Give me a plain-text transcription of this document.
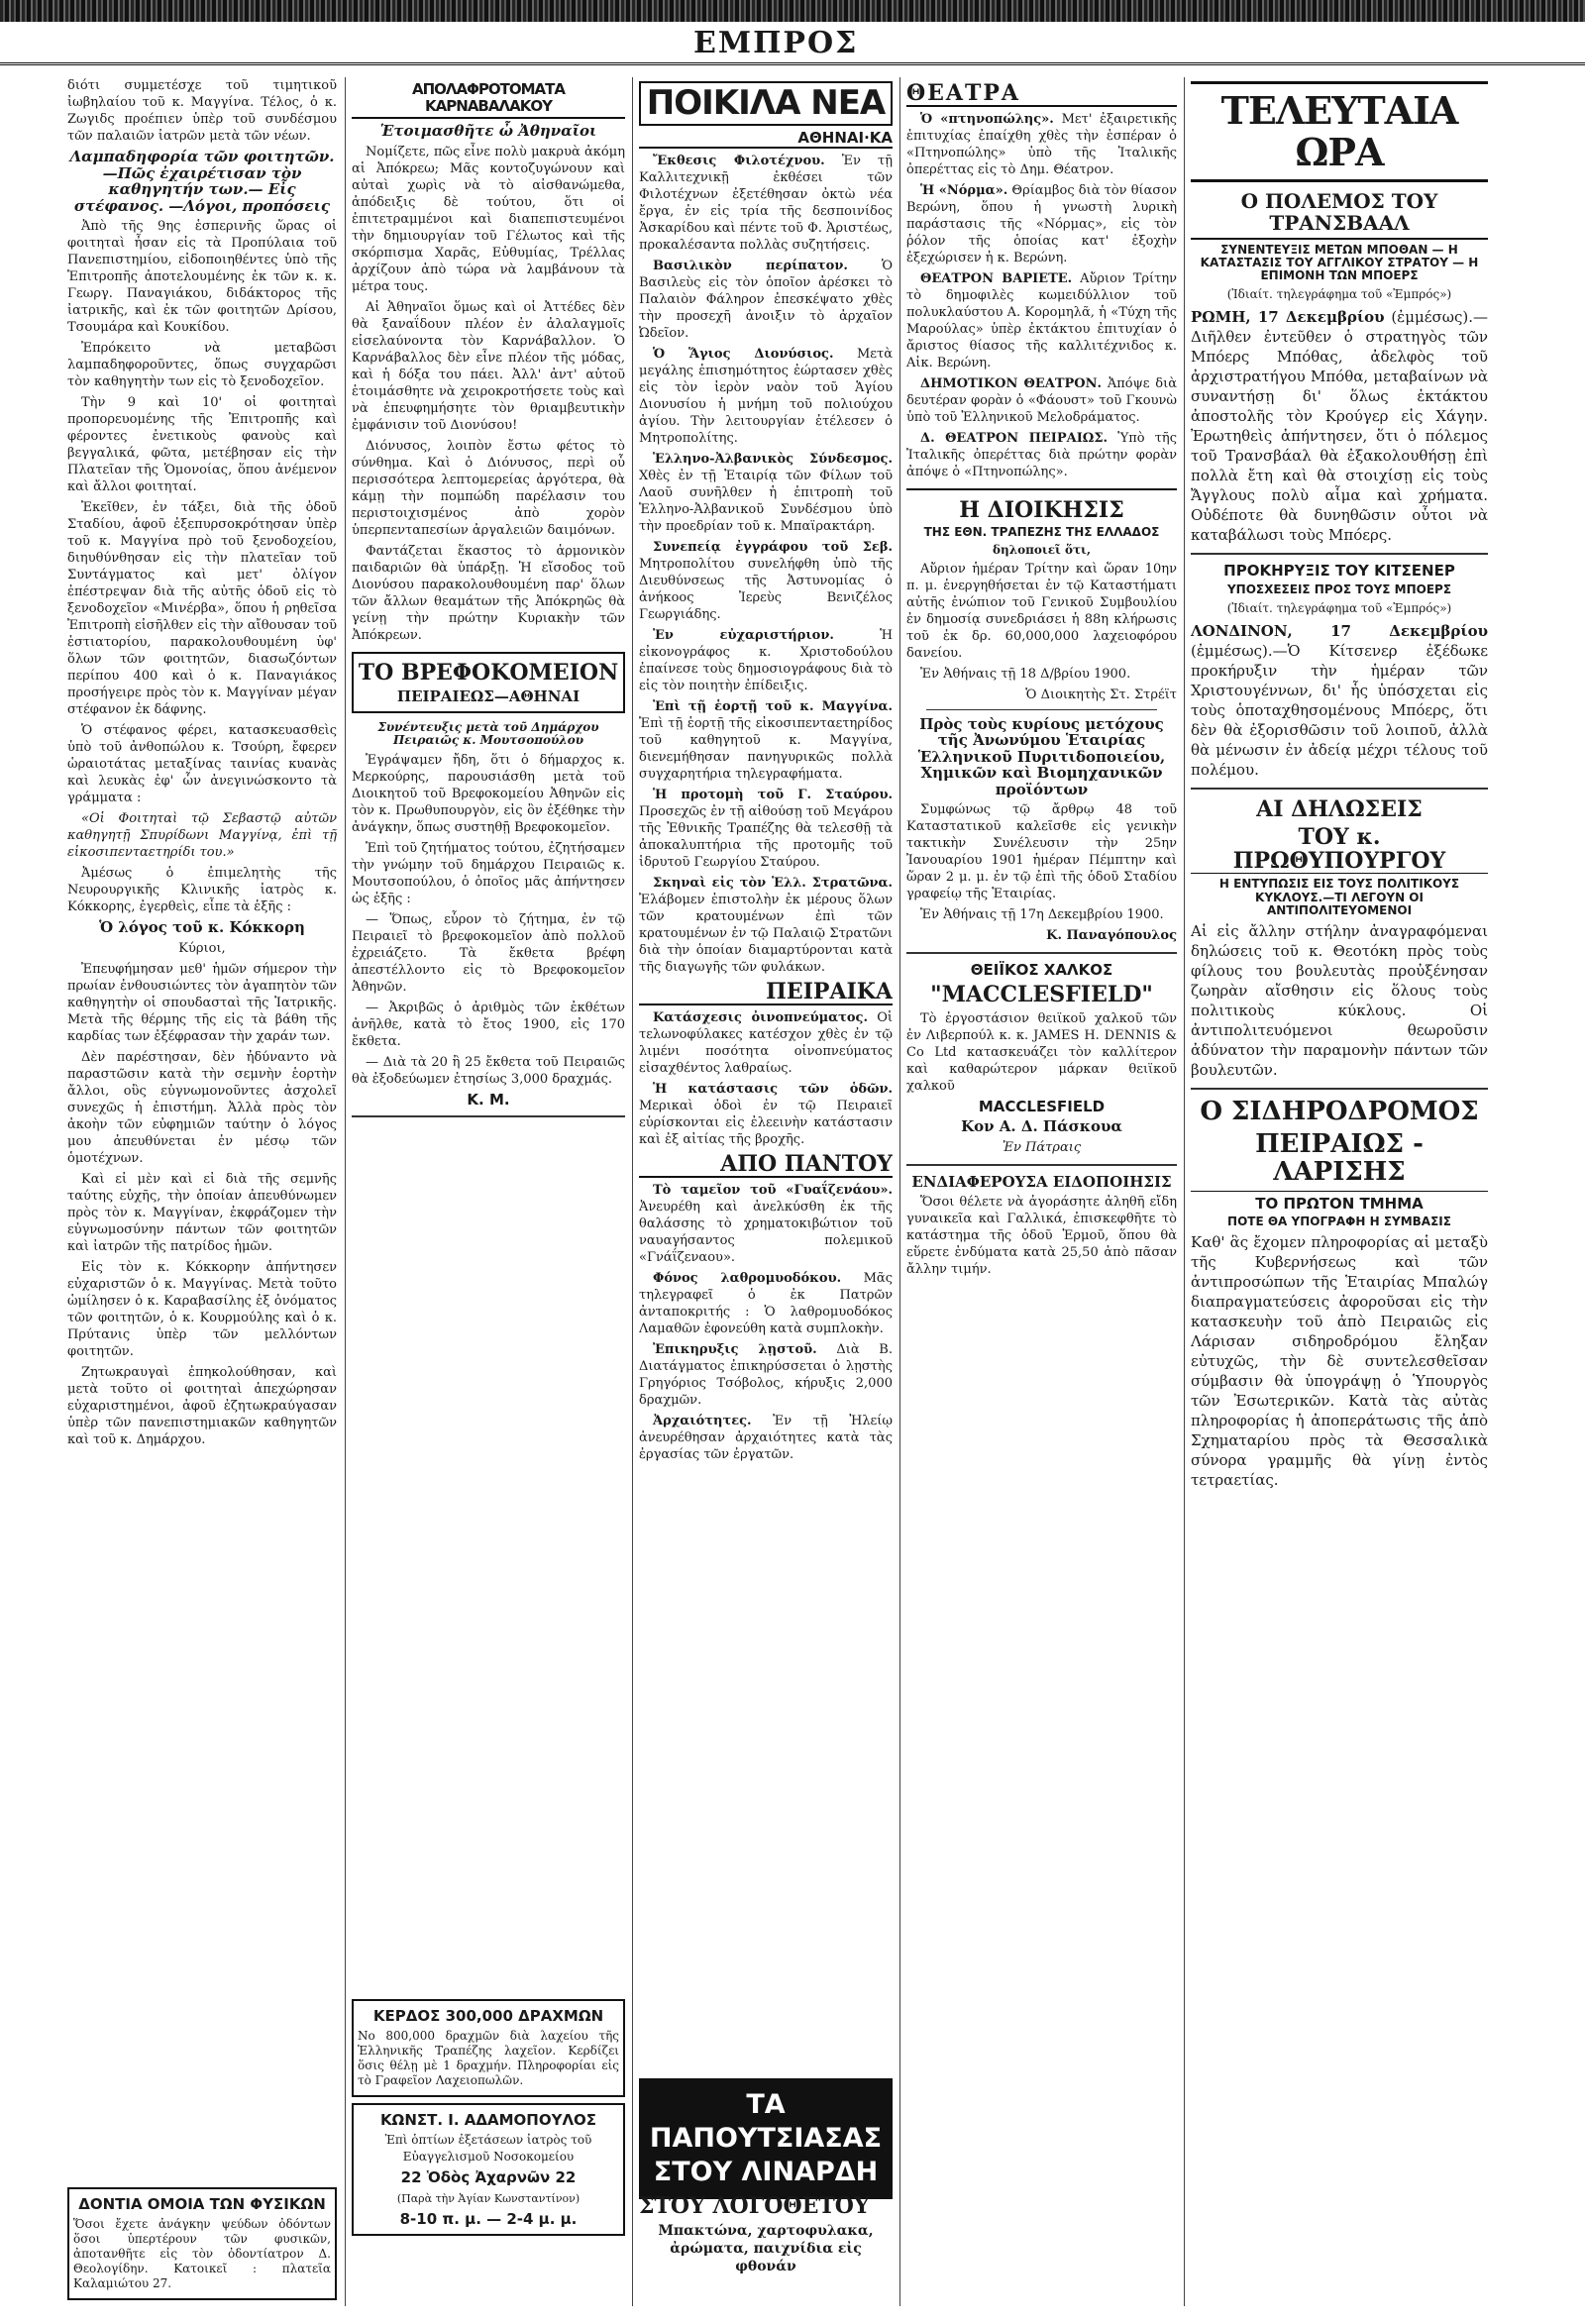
ΕΜΠΡΟΣ

διότι συμμετέσχε τοῦ τιμητικοῦ ἰωβηλαίου τοῦ κ. Μαγγίνα. Τέλος, ὁ κ. Ζωγιδς προέπιεν ὑπὲρ τοῦ συνδέσμου τῶν παλαιῶν ἰατρῶν μετὰ τῶν νέων.

Λαμπαδηφορία τῶν φοιτητῶν. —Πῶς ἐχαιρέτισαν τὸν καθηγητήν των.— Εἶς στέφανος. —Λόγοι, προπόσεις

Ἀπὸ τῆς 9ης ἑσπερινῆς ὥρας οἱ φοιτηταὶ ἦσαν εἰς τὰ Προπύλαια τοῦ Πανεπιστημίου, εἰδοποιηθέντες ὑπὸ τῆς Ἐπιτροπῆς ἀποτελουμένης ἐκ τῶν κ. κ. Γεωργ. Παναγιάκου, διδάκτορος τῆς ἰατρικῆς, καὶ ἐκ τῶν φοιτητῶν Δρίσου, Τσουμάρα καὶ Κουκίδου.

Ἐπρόκειτο νὰ μεταβῶσι λαμπαδηφοροῦντες, ὅπως συγχαρῶσι τὸν καθηγητὴν των εἰς τὸ ξενοδοχεῖον.

Τὴν 9 καὶ 10' οἱ φοιτηταὶ προπορευομένης τῆς Ἐπιτροπῆς καὶ φέροντες ἐνετικοὺς φανοὺς καὶ βεγγαλικά, φῶτα, μετέβησαν εἰς τὴν Πλατεῖαν τῆς Ὁμονοίας, ὅπου ἀνέμενον καὶ ἄλλοι φοιτηταί.

Ἐκεῖθεν, ἐν τάξει, διὰ τῆς ὁδοῦ Σταδίου, ἀφοῦ ἐξεπυρσοκρότησαν ὑπὲρ τοῦ κ. Μαγγίνα πρὸ τοῦ ξενοδοχείου, διηυθύνθησαν εἰς τὴν πλατεῖαν τοῦ Συντάγματος καὶ μετ' ὀλίγον ἐπέστρεψαν διὰ τῆς αὐτῆς ὁδοῦ εἰς τὸ ξενοδοχεῖον «Μινέρβα», ὅπου ἡ ρηθεῖσα Ἐπιτροπὴ εἰσῆλθεν εἰς τὴν αἴθουσαν τοῦ ἑστιατορίου, παρακολουθουμένη ὑφ' ὅλων τῶν φοιτητῶν, διασωζόντων περίπου 400 καὶ ὁ κ. Παναγιάκος προσήγειρε πρὸς τὸν κ. Μαγγίναν μέγαν στέφανον ἐκ δάφνης.

Ὁ στέφανος φέρει, κατασκευασθεὶς ὑπὸ τοῦ ἀνθοπώλου κ. Τσούρη, ἔφερεν ὡραιοτάτας μεταξίνας ταινίας κυανὰς καὶ λευκὰς ἐφ' ὧν ἀνεγινώσκοντο τὰ γράμματα :

«Οἱ Φοιτηταὶ τῷ Σεβαστῷ αὐτῶν καθηγητῇ Σπυρίδωνι Μαγγίνᾳ, ἐπὶ τῇ εἰκοσιπενταετηρίδι του.»

Ἀμέσως ὁ ἐπιμελητὴς τῆς Νευρουργικῆς Κλινικῆς ἰατρὸς κ. Κόκκορης, ἐγερθεὶς, εἶπε τὰ ἑξῆς :

Ὁ λόγος τοῦ κ. Κόκκορη

Κύριοι,

Ἐπευφήμησαν μεθ' ἡμῶν σήμερον τὴν πρωίαν ἐνθουσιώντες τὸν ἀγαπητὸν τῶν καθηγητὴν οἱ σπουδασταὶ τῆς Ἰατρικῆς. Μετὰ τῆς θέρμης τῆς εἰς τὰ βάθη τῆς καρδίας των ἐξέφρασαν τὴν χαράν των.

Δὲν παρέστησαν, δὲν ἠδύναντο νὰ παραστῶσιν κατὰ τὴν σεμνὴν ἑορτὴν ἄλλοι, οὓς εὐγνωμονοῦντες ἀσχολεῖ συνεχῶς ἡ ἐπιστήμη. Ἀλλὰ πρὸς τὸν ἀκοὴν τῶν εὐφημιῶν ταύτην ὁ λόγος μου ἀπευθύνεται ἐν μέσῳ τῶν ὁμοτέχνων.

Καὶ εἰ μὲν καὶ εἰ διὰ τῆς σεμνῆς ταύτης εὐχῆς, τὴν ὁποίαν ἀπευθύνωμεν πρὸς τὸν κ. Μαγγίναν, ἐκφράζομεν τὴν εὐγνωμοσύνην πάντων τῶν φοιτητῶν καὶ ἰατρῶν τῆς πατρίδος ἡμῶν.

Εἰς τὸν κ. Κόκκορην ἀπήντησεν εὐχαριστῶν ὁ κ. Μαγγίνας. Μετὰ τοῦτο ὡμίλησεν ὁ κ. Καραβασίλης ἐξ ὀνόματος τῶν φοιτητῶν, ὁ κ. Κουρμούλης καὶ ὁ κ. Πρύτανις ὑπὲρ τῶν μελλόντων φοιτητῶν.

Ζητωκραυγαὶ ἐπηκολούθησαν, καὶ μετὰ τοῦτο οἱ φοιτηταὶ ἀπεχώρησαν εὐχαριστημένοι, ἀφοῦ ἐζητωκραύγασαν ὑπὲρ τῶν πανεπιστημιακῶν καθηγητῶν καὶ τοῦ κ. Δημάρχου.

ΔΟΝΤΙΑ ΟΜΟΙΑ ΤΩΝ ΦΥΣΙΚΩΝ

Ὅσοι ἔχετε ἀνάγκην ψεύδων ὀδόντων ὅσοι ὑπερτέρουν τῶν φυσικῶν, ἀποτανθῆτε εἰς τὸν ὀδοντίατρον Δ. Θεολογίδην. Κατοικεῖ : πλατεῖα Καλαμιώτου 27.

ΑΠΟΛΑΦΡΟΤΟΜΑΤΑ ΚΑΡΝΑΒΑΛΑΚΟΥ
Ἑτοιμασθῆτε ὦ Ἀθηναῖοι

Νομίζετε, πῶς εἶνε πολὺ μακρυὰ ἀκόμη αἱ Ἀπόκρεω; Μᾶς κοντοζυγώνουν καὶ αὐταὶ χωρὶς νὰ τὸ αἰσθανώμεθα, ἀπόδειξις δὲ τούτου, ὅτι οἱ ἐπιτετραμμένοι καὶ διαπεπιστευμένοι τὴν δημιουργίαν τοῦ Γέλωτος καὶ τῆς σκόρπισμα Χαρᾶς, Εὐθυμίας, Τρέλλας ἀρχίζουν ἀπὸ τώρα νὰ λαμβάνουν τὰ μέτρα τους.

Αἱ Ἀθηναῖοι ὅμως καὶ οἱ Ἀττέδες δὲν θὰ ξαναΐδουν πλέον ἐν ἀλαλαγμοῖς εἰσελαύνοντα τὸν Καρνάβαλλον. Ὁ Καρνάβαλλος δὲν εἶνε πλέον τῆς μόδας, καὶ ἡ δόξα του πάει. Ἀλλ' ἀντ' αὐτοῦ ἑτοιμάσθητε νὰ χειροκροτήσετε τοὺς καὶ νὰ ἐπευφημήσητε τὸν θριαμβευτικὴν ἐμφάνισιν τοῦ Διονύσου!

Διόνυσος, λοιπὸν ἔστω φέτος τὸ σύνθημα. Καὶ ὁ Διόνυσος, περὶ οὗ περισσότερα λεπτομερείας ἀργότερα, θὰ κάμῃ τὴν πομπώδη παρέλασιν του περιστοιχισμένος ἀπὸ χορὸν ὑπερπενταπεσίων ἀργαλειῶν δαιμόνων.

Φαντάζεται ἕκαστος τὸ ἁρμονικὸν παιδαριῶν θὰ ὑπάρξῃ. Ἡ εἴσοδος τοῦ Διονύσου παρακολουθουμένη παρ' ὅλων τῶν ἄλλων θεαμάτων τῆς Ἀπόκρηῶς θὰ γείνῃ τὴν πρώτην Κυριακὴν τῶν Ἀπόκρεων.

ΤΟ ΒΡΕΦΟΚΟΜΕΙΟΝ
ΠΕΙΡΑΙΕΩΣ—ΑΘΗΝΑΙ
Συνέντευξις μετὰ τοῦ Δημάρχου Πειραιῶς κ. Μουτσοπούλου

Ἐγράψαμεν ἤδη, ὅτι ὁ δήμαρχος κ. Μερκούρης, παρουσιάσθη μετὰ τοῦ Διοικητοῦ τοῦ Βρεφοκομείου Ἀθηνῶν εἰς τὸν κ. Πρωθυπουργὸν, εἰς ὃν ἐξέθηκε τὴν ἀνάγκην, ὅπως συστηθῇ Βρεφοκομεῖον.

Ἐπὶ τοῦ ζητήματος τούτου, ἐζητήσαμεν τὴν γνώμην τοῦ δημάρχου Πειραιῶς κ. Μουτσοπούλου, ὁ ὁποῖος μᾶς ἀπήντησεν ὡς ἑξῆς :

— Ὅπως, εὗρον τὸ ζήτημα, ἐν τῷ Πειραιεῖ τὸ βρεφοκομεῖον ἀπὸ πολλοῦ ἐχρειάζετο. Τὰ ἔκθετα βρέφη ἀπεστέλλοντο εἰς τὸ Βρεφοκομεῖον Ἀθηνῶν.

— Ἀκριβῶς ὁ ἀριθμὸς τῶν ἐκθέτων ἀνῆλθε, κατὰ τὸ ἔτος 1900, εἰς 170 ἔκθετα.

— Διὰ τὰ 20 ἢ 25 ἔκθετα τοῦ Πειραιῶς θὰ ἐξοδεύωμεν ἐτησίως 3,000 δραχμάς.

Κ. Μ.
ΚΕΡΔΟΣ 300,000 ΔΡΑΧΜΩΝ

Νο 800,000 δραχμῶν διὰ λαχείου τῆς Ἑλληνικῆς Τραπέζης λαχεῖον. Κερδίζει ὅσις θέλῃ μὲ 1 δραχμήν. Πληροφορίαι εἰς τὸ Γραφεῖον Λαχειοπωλῶν.

ΚΩΝΣΤ. Ι. ΑΔΑΜΟΠΟΥΛΟΣ

Ἐπὶ ὁπτίων ἐξετάσεων ἰατρὸς τοῦ Εὐαγγελισμοῦ Νοσοκομείου

22 Ὁδὸς Ἀχαρνῶν 22

(Παρὰ τὴν Ἀγίαν Κωνσταντίνον)

8-10 π. μ. — 2-4 μ. μ.
ΠΟΙΚΙΛΑ ΝΕΑ
ΑΘΗΝΑΙ·ΚΑ

Ἔκθεσις Φιλοτέχνου. Ἐν τῇ Καλλιτεχνικῇ ἐκθέσει τῶν Φιλοτέχνων ἐξετέθησαν ὀκτὼ νέα ἔργα, ἐν εἰς τρία τῆς δεσποινίδος Ἀσκαρίδου καὶ πέντε τοῦ Φ. Ἀριστέως, προκαλέσαντα πολλὰς συζητήσεις.

Βασιλικὸν περίπατον.	Ὁ Βασιλεὺς εἰς τὸν ὁποῖον ἀρέσκει τὸ Παλαιὸν Φάληρον ἐπεσκέψατο χθὲς τὴν προσεχῆ ἀνοιξιν τὸ ἀρχαῖον Ὠδεῖον.

Ὁ Ἅγιος Διονύσιος. Μετὰ μεγάλης ἐπισημότητος ἐώρτασεν χθὲς εἰς τὸν ἱερὸν ναὸν τοῦ Ἁγίου Διονυσίου ἡ μνήμη τοῦ πολιούχου ἁγίου. Τὴν λειτουργίαν ἐτέλεσεν ὁ Μητροπολίτης.

Ἑλληνο-Ἀλβανικὸς Σύνδεσμος. Χθὲς ἐν τῇ Ἑταιρίᾳ τῶν Φίλων τοῦ Λαοῦ συνῆλθεν ἡ ἐπιτροπὴ τοῦ Ἑλληνο-Ἀλβανικοῦ Συνδέσμου ὑπὸ τὴν προεδρίαν τοῦ κ. Μπαϊρακτάρη.

Συνεπείᾳ ἐγγράφου τοῦ Σεβ. Μητροπολίτου συνελήφθη ὑπὸ τῆς Διευθύνσεως τῆς Ἀστυνομίας ὁ ἀνήκοος Ἰερεὺς Βενιζέλος Γεωργιάδης.

Ἐν εὐχαριστήριον.	Ἡ εἰκονογράφος κ. Χριστοδούλου ἐπαίνεσε τοὺς δημοσιογράφους διὰ τὸ εἰς τὸν ποιητὴν ἐπίδειξις.

Ἐπὶ τῇ ἑορτῇ τοῦ κ. Μαγγίνα. Ἐπὶ τῇ ἑορτῇ τῆς εἰκοσιπενταετηρίδος τοῦ καθηγητοῦ κ. Μαγγίνα, διενεμήθησαν πανηγυρικῶς πολλὰ συγχαρητήρια τηλεγραφήματα.

Ἡ προτομὴ τοῦ Γ. Σταύρου. Προσεχῶς ἐν τῇ αἰθούσῃ τοῦ Μεγάρου τῆς Ἐθνικῆς Τραπέζης θὰ τελεσθῇ τὰ ἀποκαλυπτήρια τῆς προτομῆς τοῦ ἱδρυτοῦ Γεωργίου Σταύρου.

Σκηναὶ εἰς τὸν Ἑλλ. Στρατῶνα. Ἐλάβομεν ἐπιστολὴν ἐκ μέρους ὅλων τῶν κρατουμένων ἐπὶ τῶν κρατουμένων ἐν τῷ Παλαιῷ Στρατῶνι διὰ τὴν ὁποίαν διαμαρτύρονται κατὰ τῆς διαγωγῆς τῶν φυλάκων.

ΠΕΙΡΑΙΚΑ

Κατάσχεσις ὀινοπνεύματος. Οἱ τελωνοφύλακες κατέσχον χθὲς ἐν τῷ λιμένι ποσότητα οἰνοπνεύματος εἰσαχθέντος λαθραίως.

Ἡ κατάστασις τῶν ὁδῶν. Μερικαὶ ὁδοὶ ἐν τῷ Πειραιεῖ εὑρίσκονται εἰς ἐλεεινὴν κατάστασιν καὶ ἐξ αἰτίας τῆς βροχῆς.

ΑΠΟ ΠΑΝΤΟΥ

Τὸ ταμεῖον τοῦ «Γυαΐζενάου». Ἀνευρέθη καὶ ἀνελκύσθη ἐκ τῆς θαλάσσης τὸ χρηματοκιβώτιον τοῦ ναυαγήσαντος πολεμικοῦ «Γνάΐζεναου».

Φόνος λαθρομυοδόκου. Μᾶς τηλεγραφεῖ ὁ ἐκ Πατρῶν ἀνταποκριτής : Ὁ λαθρομυοδόκος Λαμαθῶν ἐφονεύθη κατὰ συμπλοκὴν.

Ἐπικηρυξις λῃστοῦ. Διὰ Β. Διατάγματος ἐπικηρύσσεται ὁ λῃστὴς Γρηγόριος Τσόβολος, κήρυξις 2,000 δραχμῶν.

Ἀρχαιότητες. Ἐν τῇ Ἠλείῳ ἀνευρέθησαν ἀρχαιότητες κατὰ τὰς ἐργασίας τῶν ἐργατῶν.

ΤΑ ΠΑΠΟΥΤΣΙΑΣΑΣ
ΣΤΟΥ ΛΙΝΑΡΔΗ
ΣΤΟΥ ΛΟΓΟΘΕΤΟΥ

Μπακτώνα, χαρτοφυλακα, ἀρώματα, παιχνίδια εἰς φθονάν

ΘΕΑΤΡΑ

Ὁ «πτηνοπώλης». Μετ' ἐξαιρετικῆς ἐπιτυχίας ἐπαίχθη χθὲς τὴν ἑσπέραν ὁ «Πτηνοπώλης» ὑπὸ τῆς Ἰταλικῆς ὀπερέττας εἰς τὸ Δημ. Θέατρον.

Ἡ «Νόρμα». Θρίαμβος διὰ τὸν θίασον Βερώνη, ὅπου ἡ γνωστὴ λυρικὴ παράστασις τῆς «Νόρμας», εἰς τὸν ῥόλον τῆς ὁποίας κατ' ἐξοχὴν ἐξεχώρισεν ἡ κ. Βερώνη.

ΘΕΑΤΡΟΝ ΒΑΡΙΕΤΕ. Αὔριον Τρίτην τὸ δημοφιλὲς κωμειδύλλιον τοῦ πολυκλαύστου Α. Κορομηλᾶ, ἡ «Τύχη τῆς Μαρούλας» ὑπὲρ ἐκτάκτου ἐπιτυχίαν ὁ ἄριστος θίασος τῆς καλλιτέχνιδος κ. Αἰκ. Βερώνη.

ΔΗΜΟΤΙΚΟΝ ΘΕΑΤΡΟΝ. Ἀπόψε διὰ δευτέραν φορὰν ὁ «Φάουστ» τοῦ Γκουνὼ ὑπὸ τοῦ Ἑλληνικοῦ Μελοδράματος.

Δ. ΘΕΑΤΡΟΝ ΠΕΙΡΑΙΩΣ. Ὑπὸ τῆς Ἰταλικῆς ὀπερέττας διὰ πρώτην φορὰν ἀπόψε ὁ «Πτηνοπώλης».

Η ΔΙΟΙΚΗΣΙΣ
ΤΗΣ ΕΘΝ. ΤΡΑΠΕΖΗΣ ΤΗΣ ΕΛΛΑΔΟΣ
δηλοποιεῖ ὅτι,

Αὔριον ἡμέραν Τρίτην καὶ ὥραν 10ην π. μ. ἐνεργηθήσεται ἐν τῷ Καταστήματι αὐτῆς ἐνώπιον τοῦ Γενικοῦ Συμβουλίου ἐν δημοσίᾳ συνεδριάσει ἡ 88η κλήρωσις τοῦ ἐκ δρ. 60,000,000 λαχειοφόρου δανείου.

Ἐν Ἀθήναις τῇ 18 Δ/βρίου 1900.

Ὁ Διοικητὴς Στ. Στρέϊτ

Πρὸς τοὺς κυρίους μετόχους τῆς Ἀνωνύμου Ἑταιρίας Ἑλληνικοῦ Πυριτιδοποιείου, Χημικῶν καὶ Βιομηχανικῶν προϊόντων

Συμφώνως τῷ ἄρθρῳ 48 τοῦ Καταστατικοῦ καλεῖσθε εἰς γενικὴν τακτικὴν Συνέλευσιν τὴν 25ην Ἰανουαρίου 1901 ἡμέραν Πέμπτην καὶ ὥραν 2 μ. μ. ἐν τῷ ἐπὶ τῆς ὁδοῦ Σταδίου γραφείῳ τῆς Ἑταιρίας.

Ἐν Ἀθήναις τῇ 17η Δεκεμβρίου 1900.

Κ. Παναγόπουλος

ΘΕΙΪΚΟΣ ΧΑΛΚΟΣ
"MACCLESFIELD"

Τὸ ἐργοστάσιον θειϊκοῦ χαλκοῦ τῶν ἐν Λιβερπούλ κ. κ. JAMES H. DENNIS & Co Ltd κατασκευάζει τὸν καλλίτερον καὶ καθαρώτερον μάρκαν θειϊκοῦ χαλκοῦ

MACCLESFIELD
Κον Α. Δ. Πάσκουα

Ἐν Πάτραις

ΕΝΔΙΑΦΕΡΟΥΣΑ ΕΙΔΟΠΟΙΗΣΙΣ

Ὅσοι θέλετε νὰ ἀγοράσητε ἀληθῆ εἴδη γυναικεῖα καὶ Γαλλικά, ἐπισκεφθῆτε τὸ κατάστημα τῆς ὁδοῦ Ἑρμοῦ, ὅπου θὰ εὕρετε ἐνδύματα κατὰ 25,50 ἀπὸ πᾶσαν ἄλλην τιμήν.

ΤΕΛΕΥΤΑΙΑ ΩΡΑ
Ο ΠΟΛΕΜΟΣ ΤΟΥ ΤΡΑΝΣΒΑΑΛ
ΣΥΝΕΝΤΕΥΞΙΣ ΜΕΤΩΝ ΜΠΟΘΑΝ — Η ΚΑΤΑΣΤΑΣΙΣ ΤΟΥ ΑΓΓΛΙΚΟΥ ΣΤΡΑΤΟΥ — Η ΕΠΙΜΟΝΗ ΤΩΝ ΜΠΟΕΡΣ

(Ἰδιαίτ. τηλεγράφημα τοῦ «Ἐμπρός»)

ΡΩΜΗ, 17 Δεκεμβρίου (ἐμμέσως).—Διῆλθεν ἐντεῦθεν ὁ στρατηγὸς τῶν Μπόερς Μπόθας, ἀδελφὸς τοῦ ἀρχιστρατήγου Μπόθα, μεταβαίνων νὰ συναντήσῃ δι' ὅλως ἐκτάκτου ἀποστολῆς τὸν Κρούγερ εἰς Χάγην. Ἐρωτηθεὶς ἀπήντησεν, ὅτι ὁ πόλεμος τοῦ Τρανσβάαλ θὰ ἐξακολουθήσῃ ἐπὶ πολλὰ ἔτη καὶ θὰ στοιχίσῃ εἰς τοὺς Ἄγγλους πολὺ αἷμα καὶ χρήματα. Οὐδέποτε θὰ δυνηθῶσιν οὗτοι νὰ καταβάλωσι τοὺς Μπόερς.

ΠΡΟΚΗΡΥΞΙΣ ΤΟΥ ΚΙΤΣΕΝΕΡ
ΥΠΟΣΧΕΣΕΙΣ ΠΡΟΣ ΤΟΥΣ ΜΠΟΕΡΣ

(Ἰδιαίτ. τηλεγράφημα τοῦ «Ἐμπρός»)

ΛΟΝΔΙΝΟΝ, 17 Δεκεμβρίου (ἐμμέσως).—Ὁ Κίτσενερ ἐξέδωκε προκήρυξιν τὴν ἡμέραν τῶν Χριστουγέννων, δι' ἧς ὑπόσχεται εἰς τοὺς ὁποταχθησομένους Μπόερς, ὅτι δὲν θὰ ἐξορισθῶσιν τοῦ λοιποῦ, ἀλλὰ θὰ μένωσιν ἐν ἀδείᾳ μέχρι τέλους τοῦ πολέμου.

ΑΙ ΔΗΛΩΣΕΙΣ
ΤΟΥ κ. ΠΡΩΘΥΠΟΥΡΓΟΥ
Η ΕΝΤΥΠΩΣΙΣ ΕΙΣ ΤΟΥΣ ΠΟΛΙΤΙΚΟΥΣ ΚΥΚΛΟΥΣ.—ΤΙ ΛΕΓΟΥΝ ΟΙ ΑΝΤΙΠΟΛΙΤΕΥΟΜΕΝΟΙ

Αἱ εἰς ἄλλην στήλην ἀναγραφόμεναι δηλώσεις τοῦ κ. Θεοτόκη πρὸς τοὺς φίλους του βουλευτὰς προὐξένησαν ζωηρὰν αἴσθησιν εἰς ὅλους τοὺς πολιτικοὺς κύκλους. Οἱ ἀντιπολιτευόμενοι θεωροῦσιν ἀδύνατον τὴν παραμονὴν πάντων τῶν βουλευτῶν.

Ο ΣΙΔΗΡΟΔΡΟΜΟΣ
ΠΕΙΡΑΙΩΣ - ΛΑΡΙΣΗΣ
ΤΟ ΠΡΩΤΟΝ ΤΜΗΜΑ
ΠΟΤΕ ΘΑ ΥΠΟΓΡΑΦΗ Η ΣΥΜΒΑΣΙΣ

Καθ' ἃς ἔχομεν πληροφορίας αἱ μεταξὺ τῆς Κυβερνήσεως καὶ τῶν ἀντιπροσώπων τῆς Ἑταιρίας Μπαλώγ διαπραγματεύσεις ἀφοροῦσαι εἰς τὴν κατασκευὴν τοῦ ἀπὸ Πειραιῶς εἰς Λάρισαν σιδηροδρόμου ἔληξαν εὐτυχῶς, τὴν δὲ συντελεσθεῖσαν σύμβασιν θὰ ὑπογράψῃ ὁ Ὑπουργὸς τῶν Ἐσωτερικῶν. Κατὰ τὰς αὐτὰς πληροφορίας ἡ ἀποπεράτωσις τῆς ἀπὸ Σχηματαρίου πρὸς τὰ Θεσσαλικὰ σύνορα γραμμῆς θὰ γίνῃ ἐντὸς τετραετίας.
